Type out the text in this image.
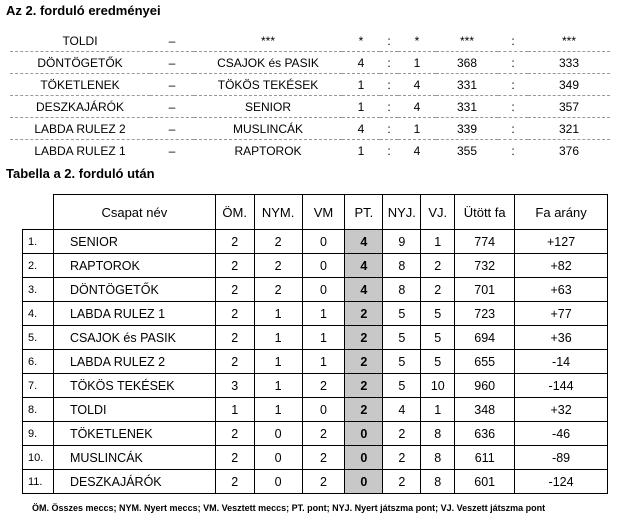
Az 2. forduló eredményei
TOLDI	–	***	*	:	*	***	:	***
DÖNTÖGETŐK	–	CSAJOK és PASIK	4	:	1	368	:	333
TÖKETLENEK	–	TÖKÖS TEKÉSEK	1	:	4	331	:	349
DESZKAJÁRÓK	–	SENIOR	1	:	4	331	:	357
LABDA RULEZ 2	–	MUSLINCÁK	4	:	1	339	:	321
LABDA RULEZ 1	–	RAPTOROK	1	:	4	355	:	376
Tabella a 2. forduló után
	Csapat név	ÖM.	NYM.	VM	PT.	NYJ.	VJ.	Ütött fa	Fa arány
1.	SENIOR	2	2	0	4	9	1	774	+127
2.	RAPTOROK	2	2	0	4	8	2	732	+82
3.	DÖNTÖGETŐK	2	2	0	4	8	2	701	+63
4.	LABDA RULEZ 1	2	1	1	2	5	5	723	+77
5.	CSAJOK és PASIK	2	1	1	2	5	5	694	+36
6.	LABDA RULEZ 2	2	1	1	2	5	5	655	-14
7.	TÖKÖS TEKÉSEK	3	1	2	2	5	10	960	-144
8.	TOLDI	1	1	0	2	4	1	348	+32
9.	TÖKETLENEK	2	0	2	0	2	8	636	-46
10.	MUSLINCÁK	2	0	2	0	2	8	611	-89
11.	DESZKAJÁRÓK	2	0	2	0	2	8	601	-124
ÖM. Összes meccs; NYM. Nyert meccs; VM. Vesztett meccs; PT. pont; NYJ. Nyert játszma pont; VJ. Veszett játszma pont
